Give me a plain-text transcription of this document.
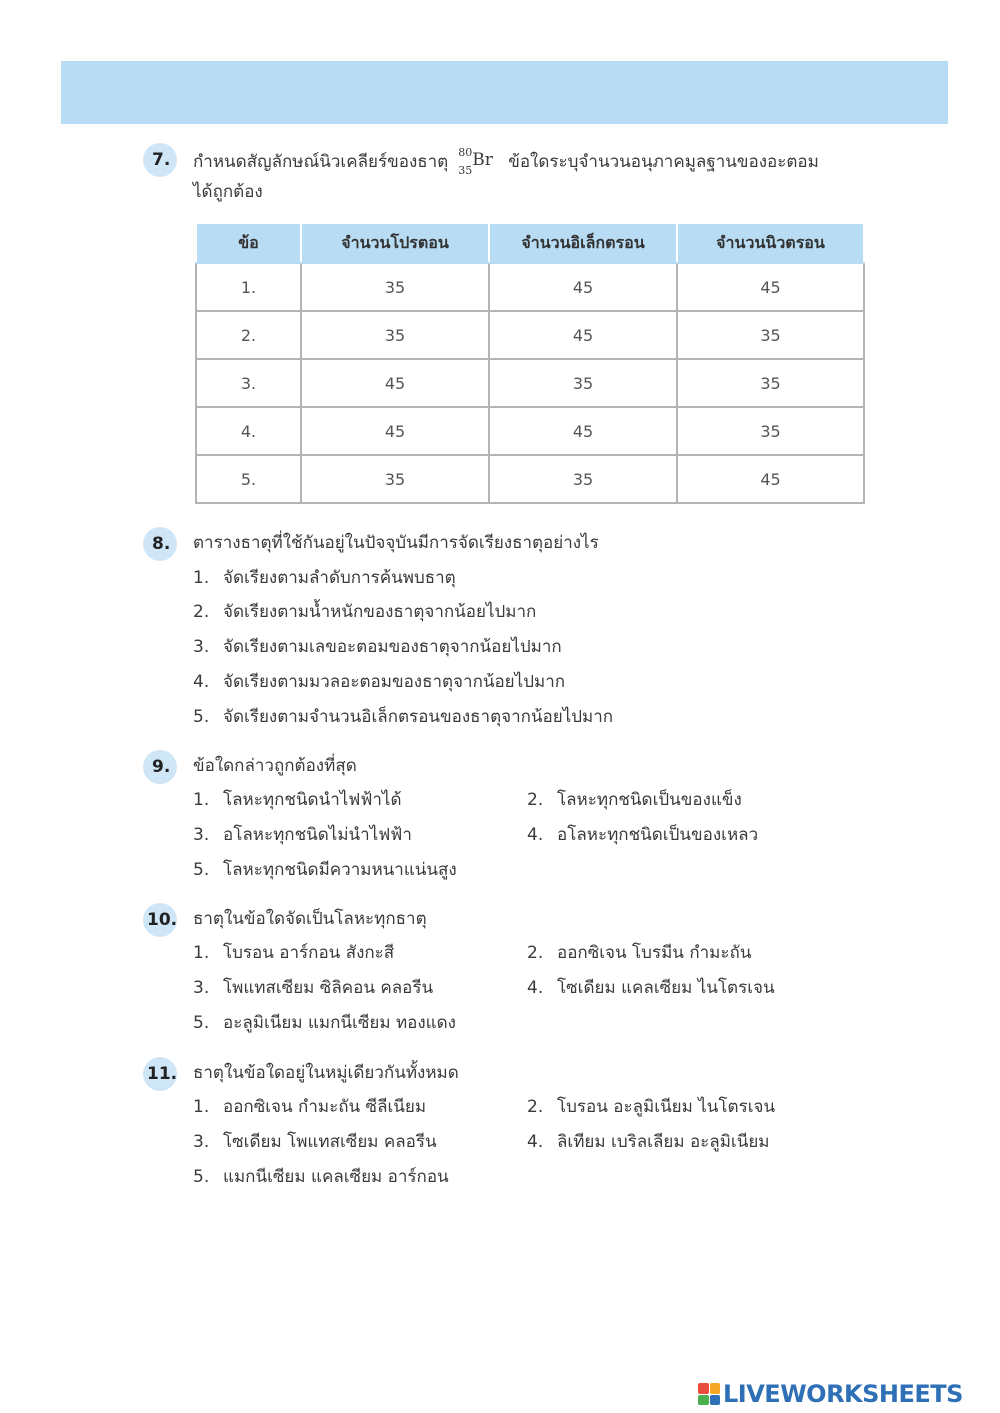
7.	กำหนดสัญลักษณ์นิวเคลียร์ของธาตุ 80
35
Br ข้อใดระบุจำนวนอนุภาคมูลฐานของอะตอม
ได้ถูกต้อง
ข้อ	จำนวนโปรตอน	จำนวนอิเล็กตรอน	จำนวนนิวตรอน
1.	35	45	45
2.	35	45	35
3.	45	35	35
4.	45	45	35
5.	35	35	45
8.	ตารางธาตุที่ใช้กันอยู่ในปัจจุบันมีการจัดเรียงธาตุอย่างไร
1. จัดเรียงตามลำดับการค้นพบธาตุ
2. จัดเรียงตามน้ำหนักของธาตุจากน้อยไปมาก
3. จัดเรียงตามเลขอะตอมของธาตุจากน้อยไปมาก
4. จัดเรียงตามมวลอะตอมของธาตุจากน้อยไปมาก
5. จัดเรียงตามจำนวนอิเล็กตรอนของธาตุจากน้อยไปมาก
9.	ข้อใดกล่าวถูกต้องที่สุด
1. โลหะทุกชนิดนำไฟฟ้าได้	2. โลหะทุกชนิดเป็นของแข็ง
3. อโลหะทุกชนิดไม่นำไฟฟ้า	4. อโลหะทุกชนิดเป็นของเหลว
5. โลหะทุกชนิดมีความหนาแน่นสูง
10. ธาตุในข้อใดจัดเป็นโลหะทุกธาตุ
1. โบรอน อาร์กอน สังกะสี	2. ออกซิเจน โบรมีน กำมะถัน
3. โพแทสเซียม ซิลิคอน คลอรีน	4. โซเดียม แคลเซียม ไนโตรเจน
5. อะลูมิเนียม แมกนีเซียม ทองแดง
11. ธาตุในข้อใดอยู่ในหมู่เดียวกันทั้งหมด
1. ออกซิเจน กำมะถัน ซีลีเนียม	2. โบรอน อะลูมิเนียม ไนโตรเจน
3. โซเดียม โพแทสเซียม คลอรีน	4. ลิเทียม เบริลเลียม อะลูมิเนียม
5. แมกนีเซียม แคลเซียม อาร์กอน
LIVEWORKSHEETS
